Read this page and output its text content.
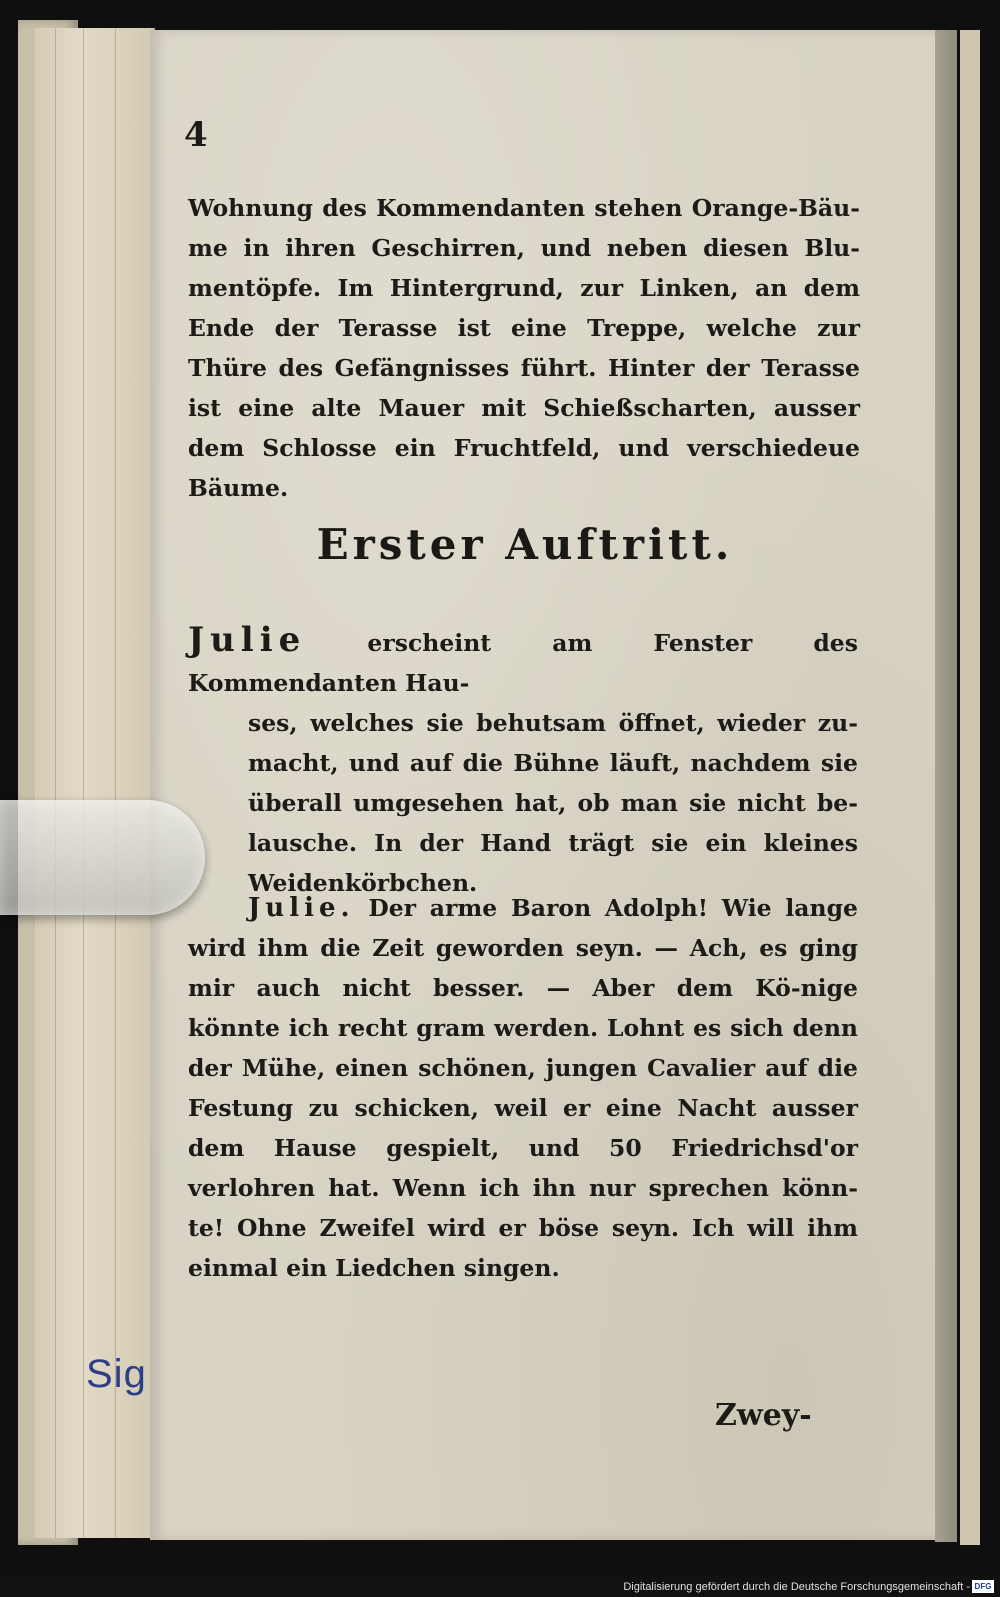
4
Wohnung des Kommendanten stehen Orange-Bäu-me in ihren Geschirren, und neben diesen Blu-mentöpfe. Im Hintergrund, zur Linken, an dem Ende der Terasse ist eine Treppe, welche zur Thüre des Gefängnisses führt. Hinter der Terasse ist eine alte Mauer mit Schießscharten, ausser dem Schlosse ein Fruchtfeld, und verschiedeue Bäume.
Erster Auftritt.
Julie	erscheint am Fenster des Kommendanten Hau-
ses, welches sie behutsam öffnet, wieder zu-macht, und auf die Bühne läuft, nachdem sie überall umgesehen hat, ob man sie nicht be-lausche. In der Hand trägt sie ein kleines Weidenkörbchen.
Julie. Der arme Baron Adolph! Wie lange wird ihm die Zeit geworden seyn. — Ach, es ging mir auch nicht besser. — Aber dem Kö-nige könnte ich recht gram werden. Lohnt es sich denn der Mühe, einen schönen, jungen Cavalier auf die Festung zu schicken, weil er eine Nacht ausser dem Hause gespielt, und 50 Friedrichsd'or verlohren hat. Wenn ich ihn nur sprechen könn-te! Ohne Zweifel wird er böse seyn. Ich will ihm einmal ein Liedchen singen.
Zwey-
Sig
Digitalisierung gefördert durch die Deutsche Forschungsgemeinschaft - DFG
